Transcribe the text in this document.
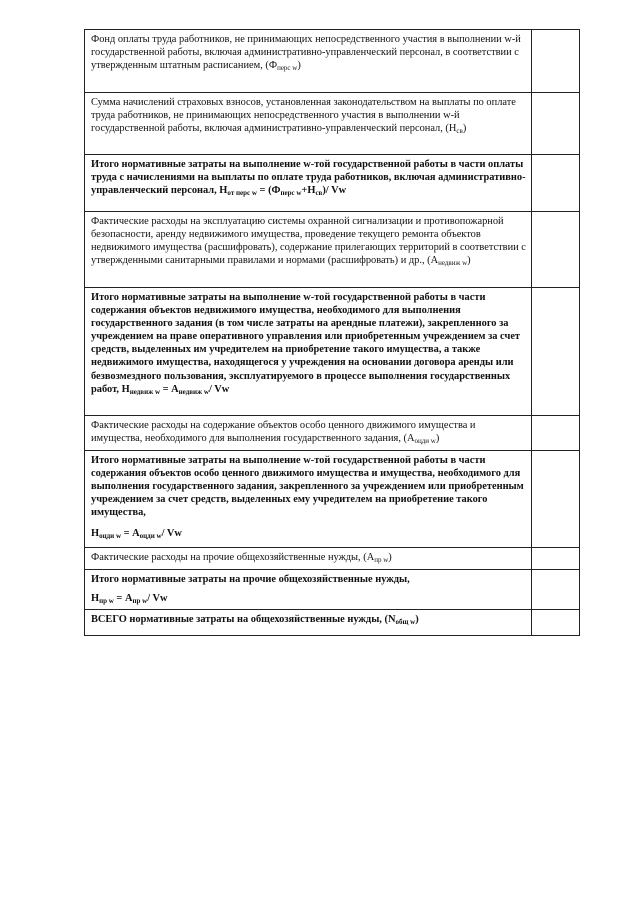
Фонд оплаты труда работников, не принимающих непосредственного участия в выполнении w-й государственной работы, включая административно-управленческий персонал, в соответствии с утвержденным штатным расписанием, $(Ф_{перс w})$	
Сумма начислений страховых взносов, установленная законодательством на выплаты по оплате труда работников, не принимающих непосредственного участия в выполнении w-й государственной работы, включая административно-управленческий персонал, $(Н_{св})$	
Итого нормативные затраты на выполнение w-той государственной работы в части оплаты труда с начислениями на выплаты по оплате труда работников, включая административно-управленческий персонал, $Н_{от перс w} = (Ф_{перс w}+Н_{св})/$ Vw	
Фактические расходы на эксплуатацию системы охранной сигнализации и противопожарной безопасности, аренду недвижимого имущества, проведение текущего ремонта объектов недвижимого имущества (расшифровать), содержание прилегающих территорий в соответствии с утвержденными санитарными правилами и нормами (расшифровать) и др., $(А_{недвиж w})$	
Итого нормативные затраты на выполнение w-той государственной работы в части содержания объектов недвижимого имущества, необходимого для выполнения государственного задания (в том числе затраты на арендные платежи), закрепленного за учреждением на праве оперативного управления или приобретенным учреждением за счет средств, выделенных им учредителем на приобретение такого имущества, а также недвижимого имущества, находящегося у учреждения на основании договора аренды или безвозмездного пользования, эксплуатируемого в процессе выполнения государственных работ, $Н_{недвиж w} = А_{недвиж w}/$ Vw	
Фактические расходы на содержание объектов особо ценного движимого имущества и имущества, необходимого для выполнения государственного задания, $(А_{оцди w})$	
Итого нормативные затраты на выполнение w-той государственной работы в части содержания объектов особо ценного движимого имущества и имущества, необходимого для выполнения государственного задания, закрепленного за учреждением или приобретенным учреждением за счет средств, выделенных ему учредителем на приобретение такого имущества,
$Н_{оцди w} = А_{оцди w}/$ Vw	

Фактические расходы на прочие общехозяйственные нужды, $(А_{пр w})$	
Итого нормативные затраты на прочие общехозяйственные нужды,
$Н_{пр w} = А_{пр w}/$ Vw	

ВСЕГО нормативные затраты на общехозяйственные нужды, $(N_{общ w})$	
